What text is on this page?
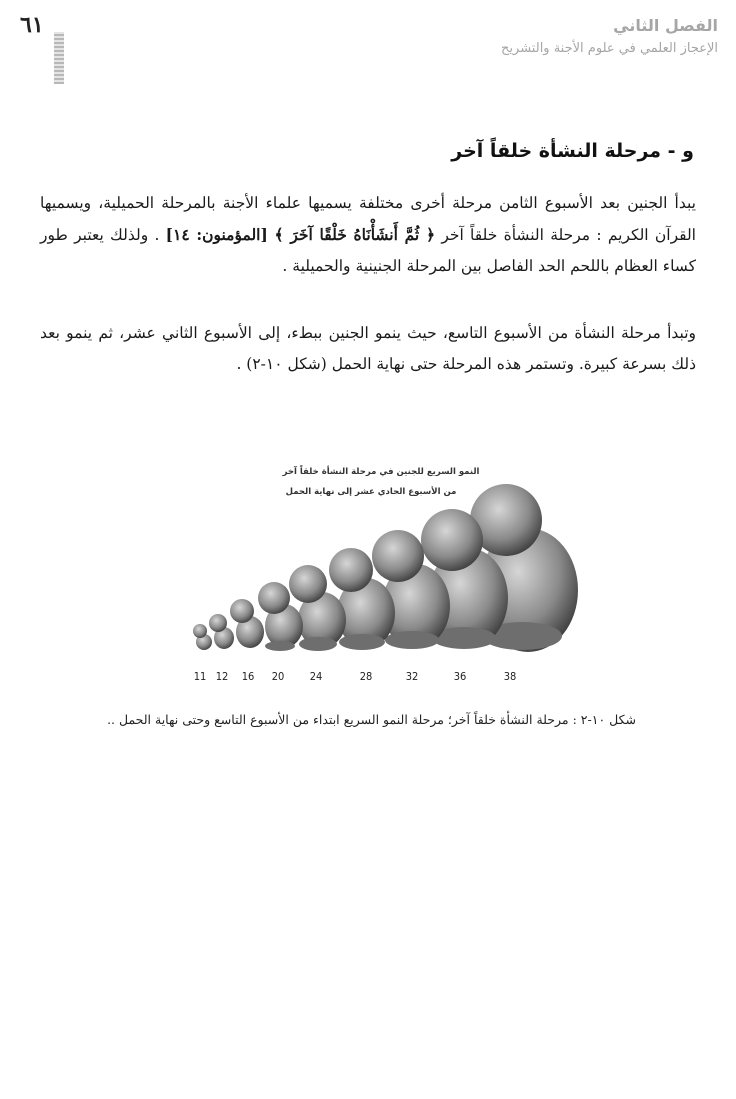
٦١	الفصل الثاني
الإعجاز العلمي في علوم الأجنة والتشريح
و - مرحلة النشأة خلقاً آخر

يبدأ الجنين بعد الأسبوع الثامن مرحلة أخرى مختلفة يسميها علماء الأجنة بالمرحلة الحميلية، ويسميها القرآن الكريم : مرحلة النشأة خلقاً آخر ﴿ ثُمَّ أَنشَأْنَاهُ خَلْقًا آخَرَ ﴾ [المؤمنون: ١٤] . ولذلك يعتبر طور كساء العظام باللحم الحد الفاصل بين المرحلة الجنينية والحميلية .

وتبدأ مرحلة النشأة من الأسبوع التاسع، حيث ينمو الجنين ببطء، إلى الأسبوع الثاني عشر، ثم ينمو بعد ذلك بسرعة كبيرة. وتستمر هذه المرحلة حتى نهاية الحمل (شكل ١٠-٢) .

النمو السريع للجنين في مرحلة النشأة خلقاً آخر
من الأسبوع الحادي عشر إلى نهاية الحمل
11 12 16 20 24	28	32	36	38
شكل ١٠-٢ : مرحلة النشأة خلقاً آخر؛ مرحلة النمو السريع ابتداء من الأسبوع التاسع وحتى نهاية الحمل ..
